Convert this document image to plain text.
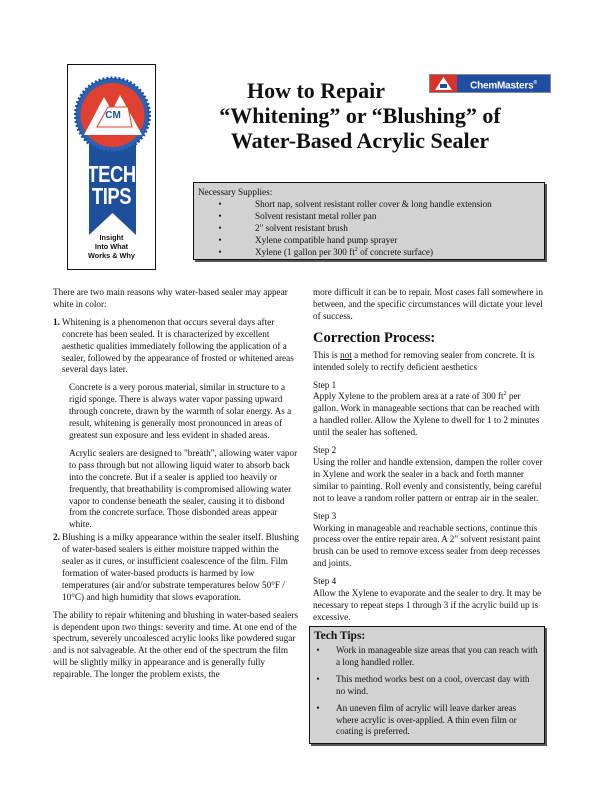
CM
TECH
TIPS
Insight
Into What
Works & Why
How to Repair
“Whitening” or “Blushing” of
Water-Based Acrylic Sealer
ChemMasters®
Necessary Supplies:
•	Short nap, solvent resistant roller cover & long handle extension
•	Solvent resistant metal roller pan
•	2" solvent resistant brush
•	Xylene compatible hand pump sprayer
•	Xylene (1 gallon per 300 $ft^2$ of concrete surface)

There are two main reasons why water-based sealer may appear white in color:

1. Whitening is a phenomenon that occurs several days after concrete has been sealed. It is characterized by excellent aesthetic qualities immediately following the application of a sealer, followed by the appearance of frosted or whitened areas several days later.

Concrete is a very porous material, similar in structure to a rigid sponge. There is always water vapor passing upward through concrete, drawn by the warmth of solar energy. As a result, whitening is generally most pronounced in areas of greatest sun exposure and less evident in shaded areas.

Acrylic sealers are designed to "breath", allowing water vapor to pass through but not allowing liquid water to absorb back into the concrete. But if a sealer is applied too heavily or frequently, that breathability is compromised allowing water vapor to condense beneath the sealer, causing it to disbond from the concrete surface. Those disbonded areas appear white.

2. Blushing is a milky appearance within the sealer itself. Blushing of water-based sealers is either moisture trapped within the sealer as it cures, or insufficient coalescence of the film. Film formation of water-based products is harmed by low temperatures (air and/or substrate temperatures below 50°F / 10°C) and high humidity that slows evaporation.

The ability to repair whitening and blushing in water-based sealers is dependent upon two things: severity and time. At one end of the spectrum, severely uncoalesced acrylic looks like powdered sugar and is not salvageable. At the other end of the spectrum the film will be slightly milky in appearance and is generally fully repairable. The longer the problem exists, the

more difficult it can be to repair. Most cases fall somewhere in between, and the specific circumstances will dictate your level of success.

Correction Process:

This is not a method for removing sealer from concrete. It is intended solely to rectify deficient aesthetics

Step 1

Apply Xylene to the problem area at a rate of 300 $ft^2$ per gallon. Work in manageable sections that can be reached with a handled roller. Allow the Xylene to dwell for 1 to 2 minutes until the sealer has softened.

Step 2

Using the roller and handle extension, dampen the roller cover in Xylene and work the sealer in a back and forth manner similar to painting. Roll evenly and consistently, being careful not to leave a random roller pattern or entrap air in the sealer.

Step 3

Working in manageable and reachable sections, continue this process over the entire repair area. A 2" solvent resistant paint brush can be used to remove excess sealer from deep recesses and joints.

Step 4

Allow the Xylene to evaporate and the sealer to dry. It may be necessary to repeat steps 1 through 3 if the acrylic build up is excessive.

Tech Tips:
• Work in manageable size areas that you can reach with a long handled roller.
• This method works best on a cool, overcast day with no wind.
• An uneven film of acrylic will leave darker areas where acrylic is over-applied. A thin even film or coating is preferred.
